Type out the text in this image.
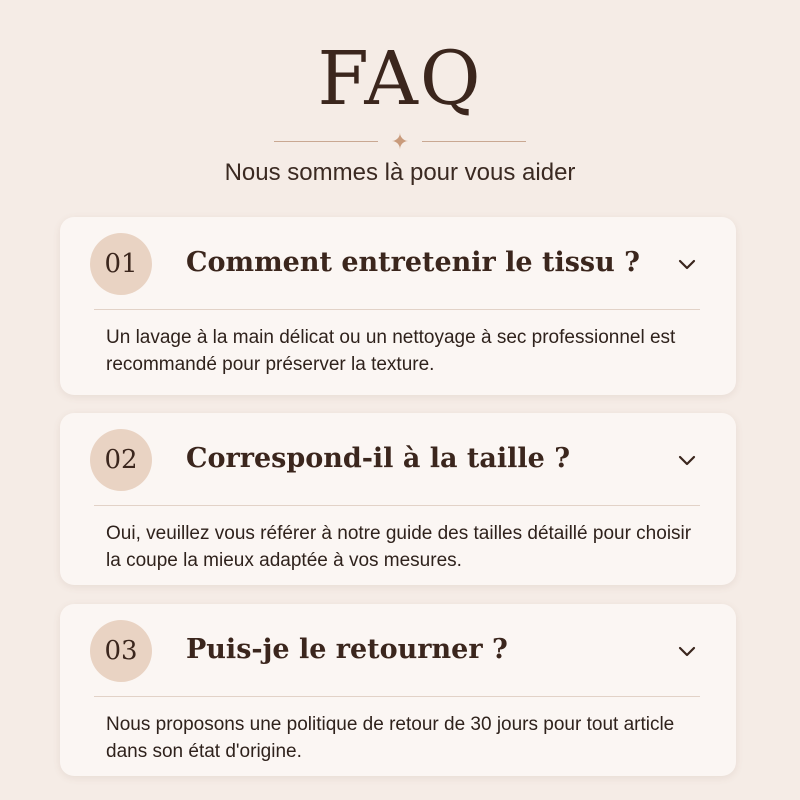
FAQ
✦

Nous sommes là pour vous aider

01	Comment entretenir le tissu ?

Un lavage à la main délicat ou un nettoyage à sec professionnel est recommandé pour préserver la texture.

02	Correspond-il à la taille ?

Oui, veuillez vous référer à notre guide des tailles détaillé pour choisir la coupe la mieux adaptée à vos mesures.

03	Puis-je le retourner ?

Nous proposons une politique de retour de 30 jours pour tout article dans son état d'origine.
